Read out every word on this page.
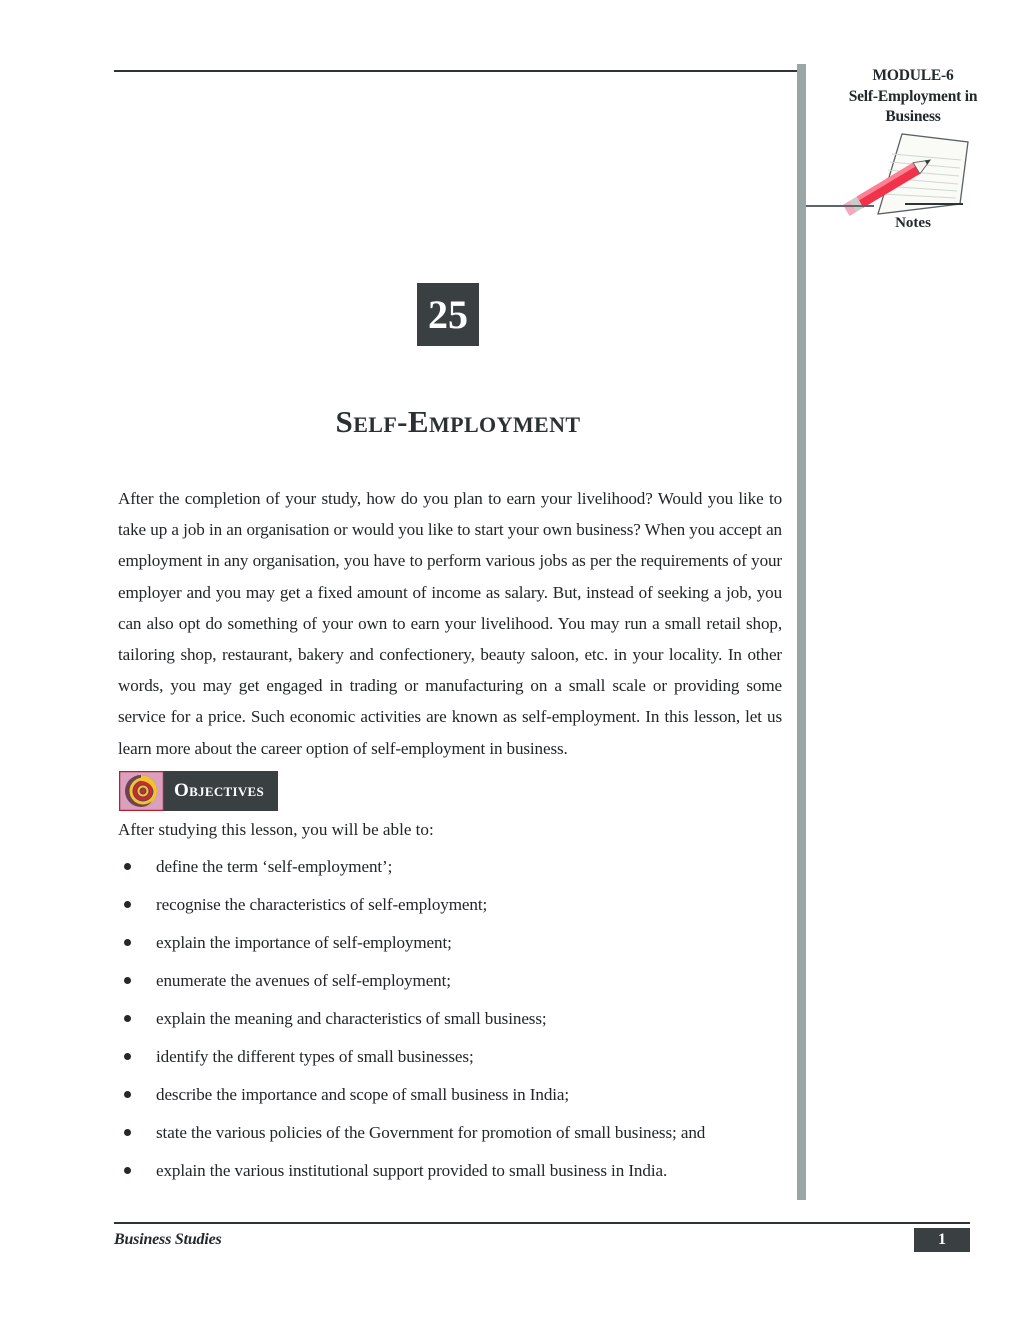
MODULE-6
Self-Employment in
Business
Notes
25
Self-Employment

After the completion of your study, how do you plan to earn your livelihood? Would you like to take up a job in an organisation or would you like to start your own business? When you accept an employment in any organisation, you have to perform various jobs as per the requirements of your employer and you may get a fixed amount of income as salary. But, instead of seeking a job, you can also opt do something of your own to earn your livelihood. You may run a small retail shop, tailoring shop, restaurant, bakery and confectionery, beauty saloon, etc. in your locality. In other words, you may get engaged in trading or manufacturing on a small scale or providing some service for a price. Such economic activities are known as self-employment. In this lesson, let us learn more about the career option of self-employment in business.

Objectives
After studying this lesson, you will be able to:
define the term ‘self-employment’;
recognise the characteristics of self-employment;
explain the importance of self-employment;
enumerate the avenues of self-employment;
explain the meaning and characteristics of small business;
identify the different types of small businesses;
describe the importance and scope of small business in India;
state the various policies of the Government for promotion of small business; and
explain the various institutional support provided to small business in India.
Business Studies	1
